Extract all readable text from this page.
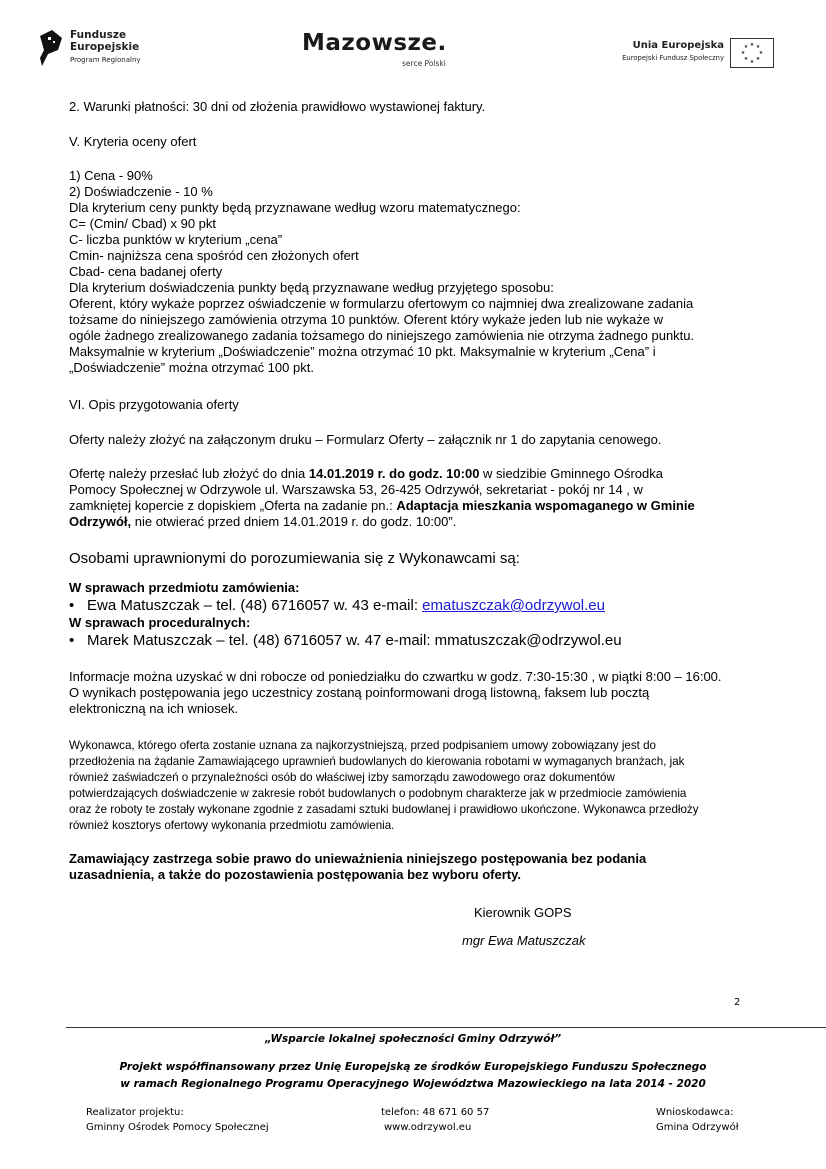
Fundusze
Europejskie
Program Regionalny
Mazowsze.
serce Polski
Unia Europejska
Europejski Fundusz Społeczny
★ ★
★
★
★
★
★
★
2. Warunki płatności: 30 dni od złożenia prawidłowo wystawionej faktury.
V. Kryteria oceny ofert
1) Cena - 90%
2) Doświadczenie - 10 %
Dla kryterium ceny punkty będą przyznawane według wzoru matematycznego:
C= (Cmin/ Cbad) x 90 pkt
C- liczba punktów w kryterium „cena”
Cmin- najniższa cena spośród cen złożonych ofert
Cbad- cena badanej oferty
Dla kryterium doświadczenia punkty będą przyznawane według przyjętego sposobu:
Oferent, który wykaże poprzez oświadczenie w formularzu ofertowym co najmniej dwa zrealizowane zadania
tożsame do niniejszego zamówienia otrzyma 10 punktów. Oferent który wykaże jeden lub nie wykaże w
ogóle żadnego zrealizowanego zadania tożsamego do niniejszego zamówienia nie otrzyma żadnego punktu.
Maksymalnie w kryterium „Doświadczenie” można otrzymać 10 pkt. Maksymalnie w kryterium „Cena” i
„Doświadczenie” można otrzymać 100 pkt.
VI. Opis przygotowania oferty
Oferty należy złożyć na załączonym druku – Formularz Oferty – załącznik nr 1 do zapytania cenowego.
Ofertę należy przesłać lub złożyć do dnia 14.01.2019 r. do godz. 10:00 w siedzibie Gminnego Ośrodka
Pomocy Społecznej w Odrzywole ul. Warszawska 53, 26-425 Odrzywół, sekretariat - pokój nr 14 , w
zamkniętej kopercie z dopiskiem „Oferta na zadanie pn.: Adaptacja mieszkania wspomaganego w Gminie
Odrzywół, nie otwierać przed dniem 14.01.2019 r. do godz. 10:00”.
Osobami uprawnionymi do porozumiewania się z Wykonawcami są:
W sprawach przedmiotu zamówienia:
• Ewa Matuszczak – tel. (48) 6716057 w. 43 e-mail: ematuszczak@odrzywol.eu
W sprawach proceduralnych:
• Marek Matuszczak – tel. (48) 6716057 w. 47 e-mail: mmatuszczak@odrzywol.eu
Informacje można uzyskać w dni robocze od poniedziałku do czwartku w godz. 7:30-15:30 , w piątki 8:00 – 16:00.
O wynikach postępowania jego uczestnicy zostaną poinformowani drogą listowną, faksem lub pocztą
elektroniczną na ich wniosek.
Wykonawca, którego oferta zostanie uznana za najkorzystniejszą, przed podpisaniem umowy zobowiązany jest do
przedłożenia na żądanie Zamawiającego uprawnień budowlanych do kierowania robotami w wymaganych branżach, jak
również zaświadczeń o przynależności osób do właściwej izby samorządu zawodowego oraz dokumentów
potwierdzających doświadczenie w zakresie robót budowlanych o podobnym charakterze jak w przedmiocie zamówienia
oraz że roboty te zostały wykonane zgodnie z zasadami sztuki budowlanej i prawidłowo ukończone. Wykonawca przedłoży
również kosztorys ofertowy wykonania przedmiotu zamówienia.
Zamawiający zastrzega sobie prawo do unieważnienia niniejszego postępowania bez podania
uzasadnienia, a także do pozostawienia postępowania bez wyboru oferty.
Kierownik GOPS
mgr Ewa Matuszczak
2
„Wsparcie lokalnej społeczności Gminy Odrzywół”
Projekt współfinansowany przez Unię Europejską ze środków Europejskiego Funduszu Społecznego
w ramach Regionalnego Programu Operacyjnego Województwa Mazowieckiego na lata 2014 - 2020
Realizator projektu:
Gminny Ośrodek Pomocy Społecznej
telefon: 48 671 60 57
www.odrzywol.eu
Wnioskodawca:
Gmina Odrzywół
